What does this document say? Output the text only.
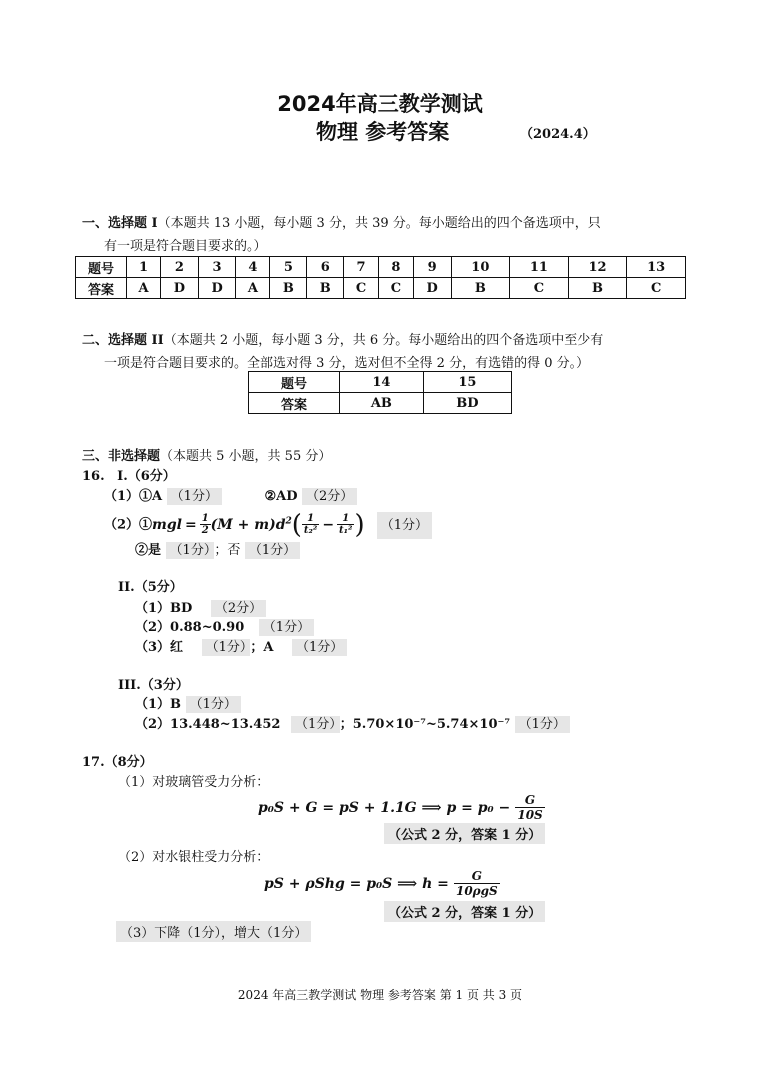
2024年高三教学测试
物理 参考答案	（2024.4）
一、选择题 I（本题共 13 小题，每小题 3 分，共 39 分。每小题给出的四个备选项中，只
有一项是符合题目要求的。）
题号	1	2	3	4	5	6	7	8	9	10	11	12	13
答案	A	D	D	A	B	B	C	C	D	B	C	B	C
二、选择题 II（本题共 2 小题，每小题 3 分，共 6 分。每小题给出的四个备选项中至少有
一项是符合题目要求的。全部选对得 3 分，选对但不全得 2 分，有选错的得 0 分。）
题号	14	15
答案	AB	BD
三、非选择题（本题共 5 小题，共 55 分）
16. I.（6分）
（1）①A （1分）	②AD （2分）
（2）①mgl = $\frac{1}{2} (M + m)d^2( \frac{1}{\text{t₂²}} - \frac{1}{\text{t₁²}}$ ) （1分）
②是 （1分） ；否 （1分）
II.（5分）
（1）BD （2分）
（2）0.88~0.90 （1分）
（3）红 （1分） ；A （1分）
III.（3分）
（1）B （1分）
（2）13.448~13.452 （1分） ；5.70×10⁻⁷~5.74×10⁻⁷ （1分）
17.（8分）
（1）对玻璃管受力分析：
p₀S + G = pS + 1.1G ⟹ $p = p_0 - \frac{G}{10S}$
（公式 2 分，答案 1 分）
（2）对水银柱受力分析：
pS + ρShg = p₀S ⟹ $h = \frac{G}{\text{10ρgS}}$
（公式 2 分，答案 1 分）
（3）下降（1分），增大（1分）
2024 年高三教学测试 物理 参考答案 第 1 页 共 3 页
